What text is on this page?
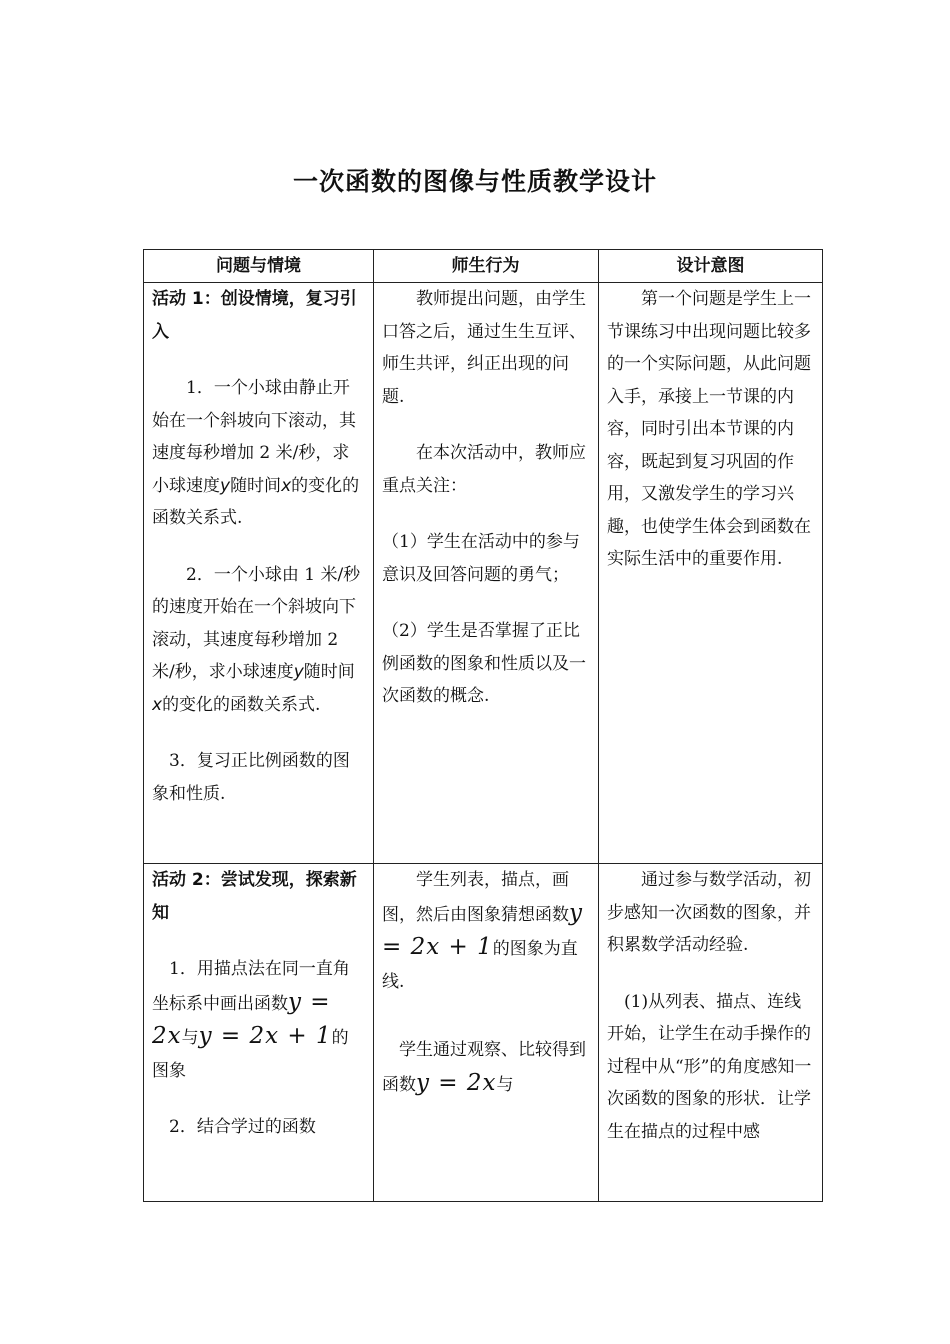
一次函数的图像与性质教学设计
问题与情境	师生行为	设计意图

活动 1：创设情境，复习引入

1．一个小球由静止开始在一个斜坡向下滚动，其速度每秒增加 2 米/秒，求小球速度y随时间x的变化的函数关系式.

2．一个小球由 1 米/秒的速度开始在一个斜坡向下滚动，其速度每秒增加 2 米/秒，求小球速度y随时间x的变化的函数关系式.

3．复习正比例函数的图象和性质.

教师提出问题，由学生口答之后，通过生生互评、师生共评，纠正出现的问题.

在本次活动中，教师应重点关注：

（1）学生在活动中的参与意识及回答问题的勇气；

（2）学生是否掌握了正比例函数的图象和性质以及一次函数的概念.

第一个问题是学生上一节课练习中出现问题比较多的一个实际问题，从此问题入手，承接上一节课的内容，同时引出本节课的内容，既起到复习巩固的作用，又激发学生的学习兴趣，也使学生体会到函数在实际生活中的重要作用.

活动 2：尝试发现，探索新知

1．用描点法在同一直角坐标系中画出函数y = 2x与y = 2x + 1的图象

2．结合学过的函数

学生列表，描点，画图，然后由图象猜想函数y = 2x + 1的图象为直线.

学生通过观察、比较得到函数y = 2x与

通过参与数学活动，初步感知一次函数的图象，并积累数学活动经验.

(1)从列表、描点、连线开始，让学生在动手操作的过程中从“形”的角度感知一次函数的图象的形状．让学生在描点的过程中感
